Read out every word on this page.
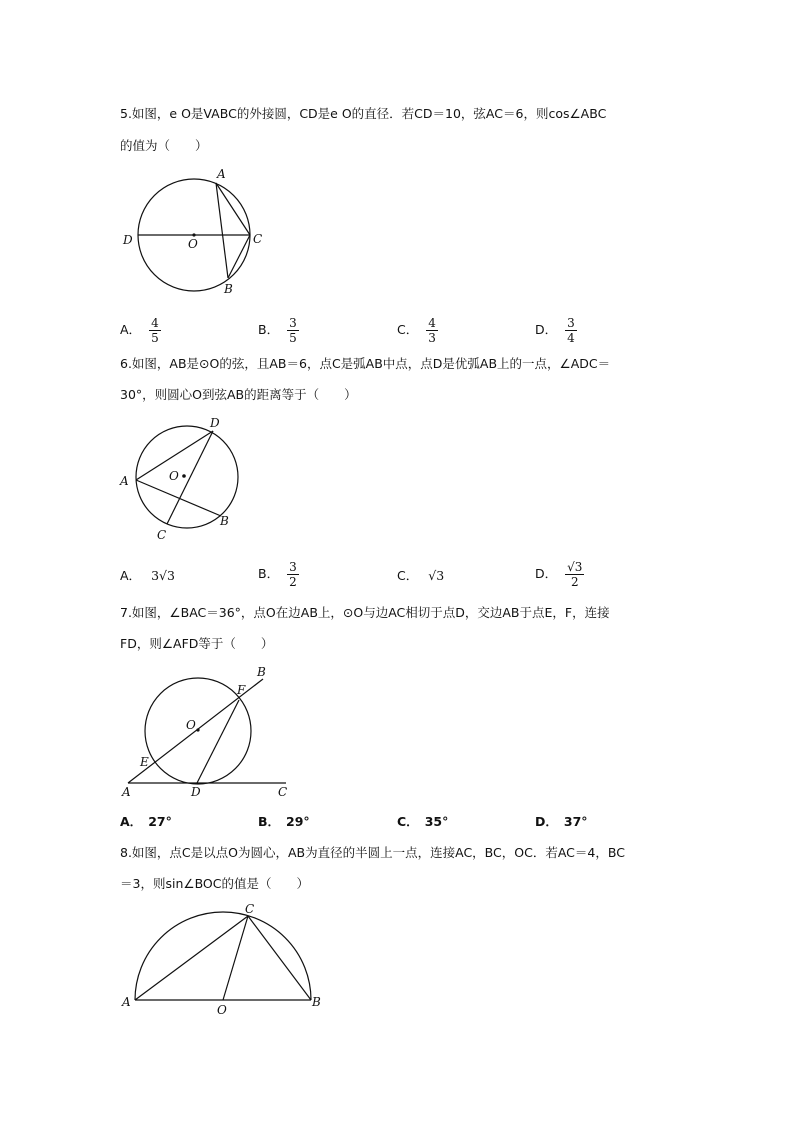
5.如图，e O是VABC的外接圆，CD是e O的直径．若CD＝10，弦AC＝6，则cos∠ABC
的值为（　　）
A
B
C
D	O
A． $\frac{4}{5}$	B． $\frac{3}{5}$	C． $\frac{4}{3}$	D． $\frac{3}{4}$
6.如图，AB是⊙O的弦，且AB＝6，点C是弧AB中点，点D是优弧AB上的一点，∠ADC＝
30°，则圆心O到弦AB的距离等于（　　）
D
A	O
B
C
A． 3√3	B． $\frac{3}{2}$	C． √3	D． $\frac{√3}{2}$
7.如图，∠BAC＝36°，点O在边AB上，⊙O与边AC相切于点D，交边AB于点E，F，连接
FD，则∠AFD等于（　　）
B
F
O
E
A	D	C
A． 27°	B． 29°	C． 35°	D． 37°
8.如图，点C是以点O为圆心，AB为直径的半圆上一点，连接AC，BC，OC．若AC＝4，BC
＝3，则sin∠BOC的值是（　　）
C
A
O
B
